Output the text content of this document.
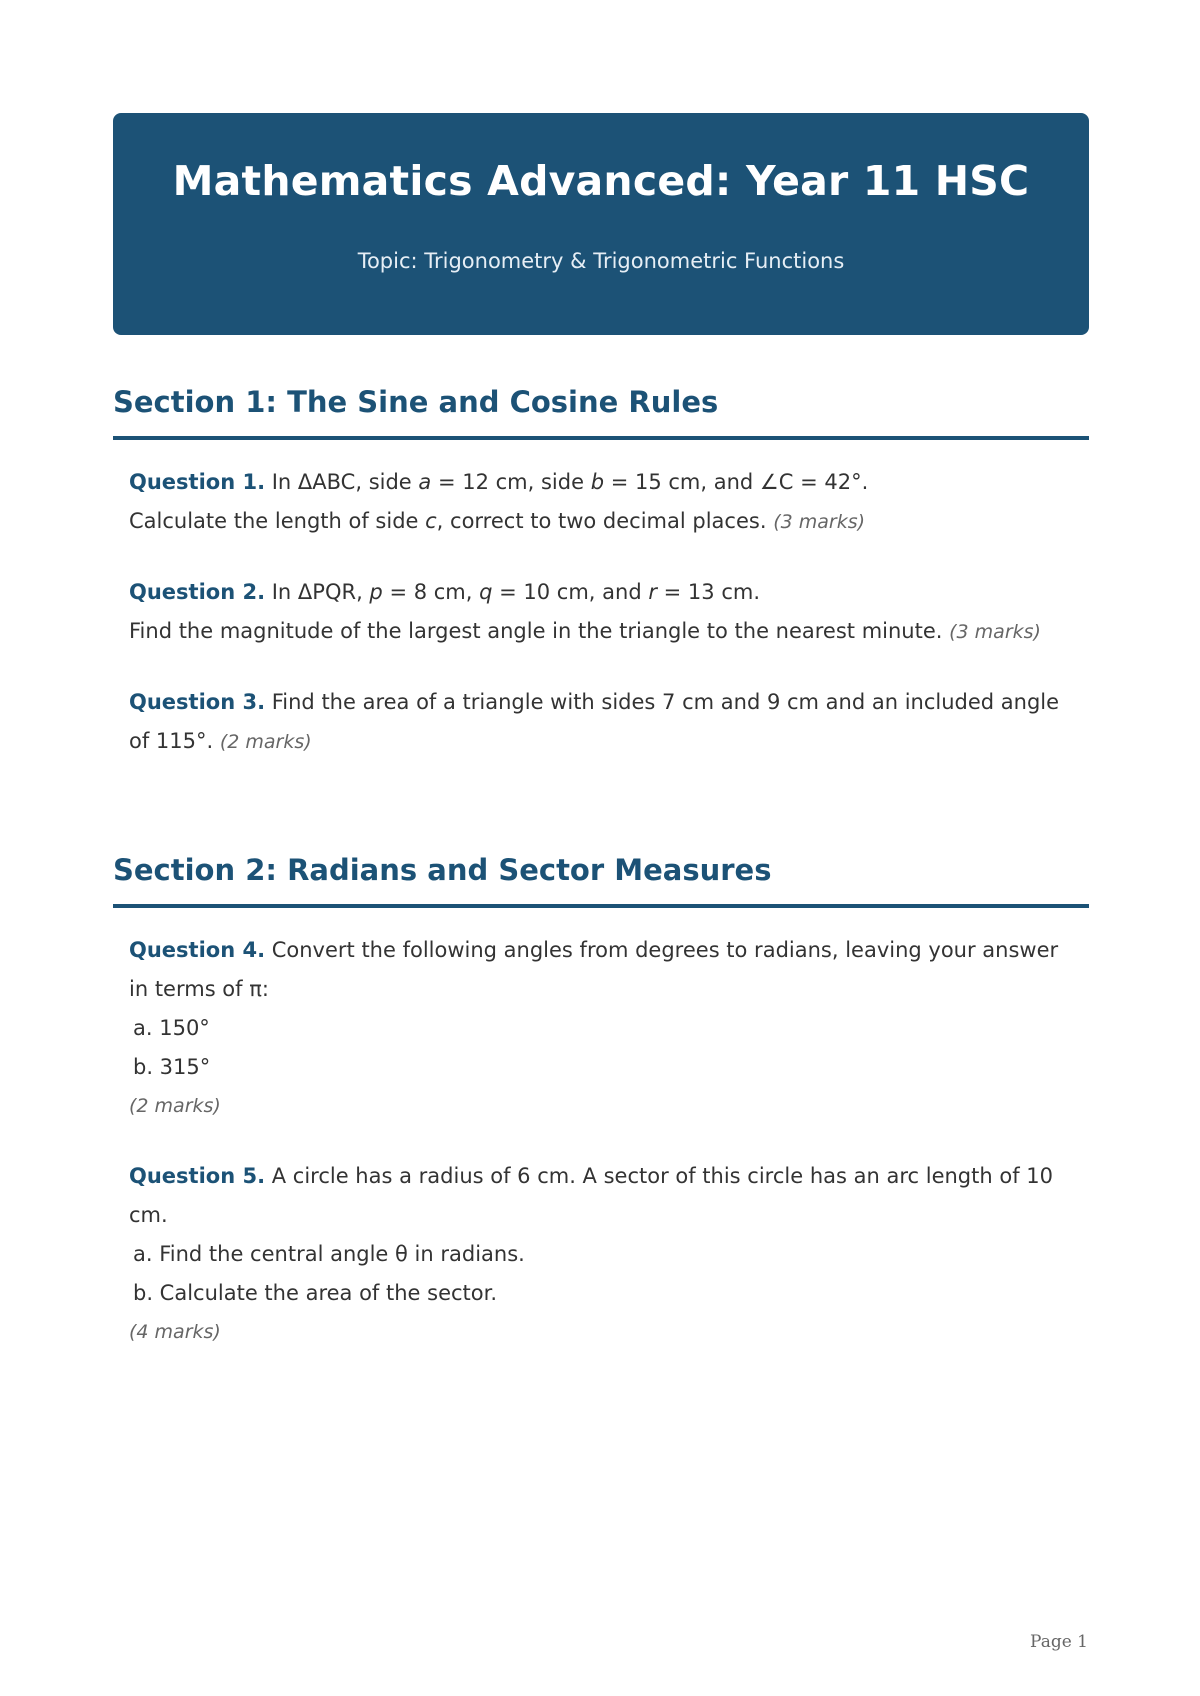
Mathematics Advanced: Year 11 HSC
Topic: Trigonometry & Trigonometric Functions
Section 1: The Sine and Cosine Rules
Question 1. In ΔABC, side a = 12 cm, side b = 15 cm, and ∠C = 42°.
Calculate the length of side c, correct to two decimal places. (3 marks)
Question 2. In ΔPQR, p = 8 cm, q = 10 cm, and r = 13 cm.
Find the magnitude of the largest angle in the triangle to the nearest minute. (3 marks)
Question 3. Find the area of a triangle with sides 7 cm and 9 cm and an included angle of 115°. (2 marks)
Section 2: Radians and Sector Measures
Question 4. Convert the following angles from degrees to radians, leaving your answer in terms of π:
a. 150°
b. 315°
(2 marks)
Question 5. A circle has a radius of 6 cm. A sector of this circle has an arc length of 10 cm.
a. Find the central angle θ in radians.
b. Calculate the area of the sector.
(4 marks)
Page 1
